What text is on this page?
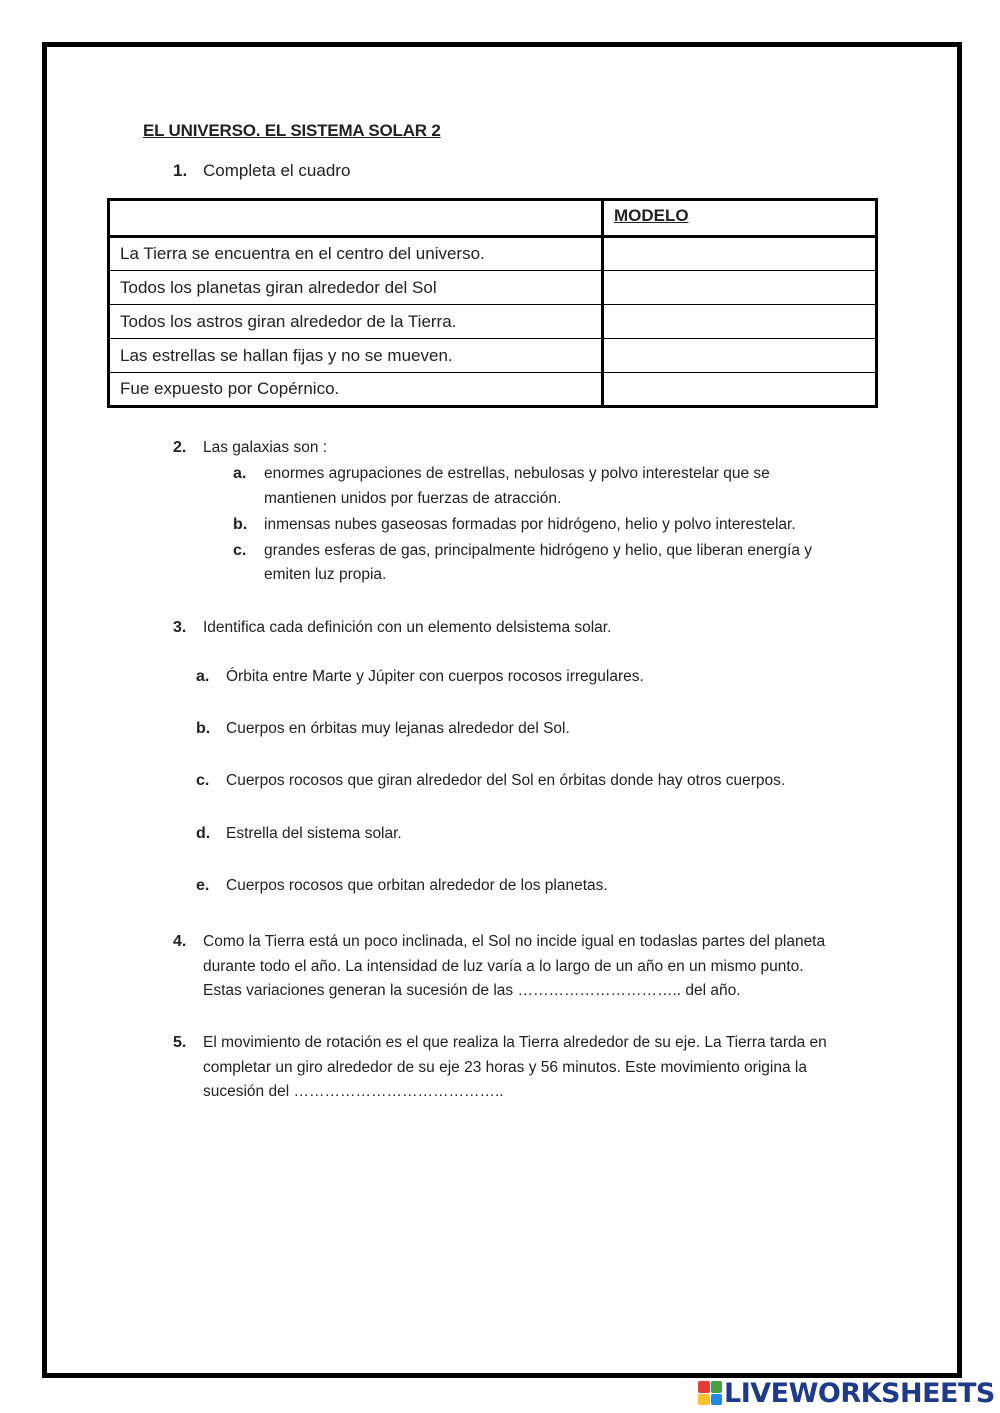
EL UNIVERSO. EL SISTEMA SOLAR 2
1. Completa el cuadro
	MODELO
La Tierra se encuentra en el centro del universo.	
Todos los planetas giran alrededor del Sol	
Todos los astros giran alrededor de la Tierra.	
Las estrellas se hallan fijas y no se mueven.	
Fue expuesto por Copérnico.	
2. Las galaxias son :
a. enormes agrupaciones de estrellas, nebulosas y polvo interestelar que se mantienen unidos por fuerzas de atracción.
b. inmensas nubes gaseosas formadas por hidrógeno, helio y polvo interestelar.
c. grandes esferas de gas, principalmente hidrógeno y helio, que liberan energía y emiten luz propia.
3. Identifica cada definición con un elemento delsistema solar.
a. Órbita entre Marte y Júpiter con cuerpos rocosos irregulares.
b. Cuerpos en órbitas muy lejanas alrededor del Sol.
c. Cuerpos rocosos que giran alrededor del Sol en órbitas donde hay otros cuerpos.
d. Estrella del sistema solar.
e. Cuerpos rocosos que orbitan alrededor de los planetas.
4. Como la Tierra está un poco inclinada, el Sol no incide igual en todaslas partes del planeta durante todo el año. La intensidad de luz varía a lo largo de un año en un mismo punto. Estas variaciones generan la sucesión de las ………………………….. del año.
5. El movimiento de rotación es el que realiza la Tierra alrededor de su eje. La Tierra tarda en completar un giro alrededor de su eje 23 horas y 56 minutos. Este movimiento origina la sucesión del …………………………………..
LIVEWORKSHEETS
